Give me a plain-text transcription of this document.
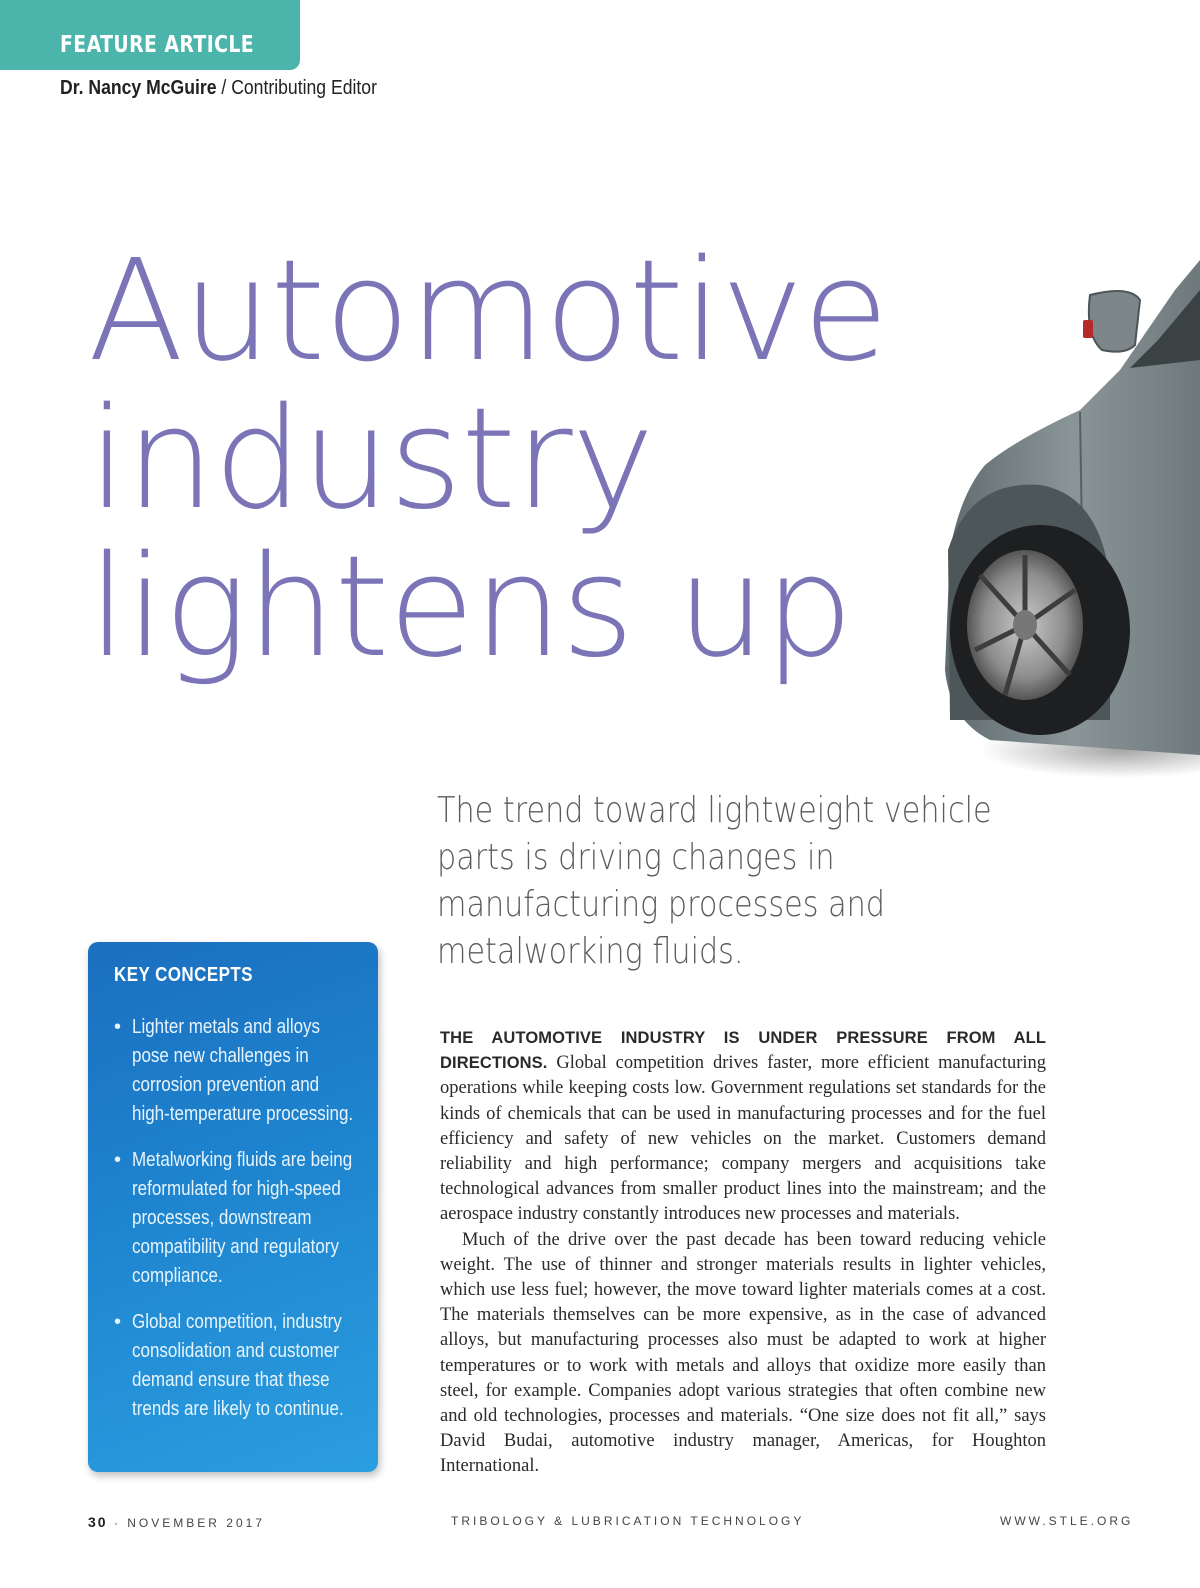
FEATURE ARTICLE
Dr. Nancy McGuire / Contributing Editor
Automotive
industry
lightens up

The trend toward lightweight vehicle parts is driving changes in manufacturing processes and metalworking fluids.

KEY CONCEPTS
• Lighter metals and alloys pose new challenges in corrosion prevention and high-temperature processing.
• Metalworking fluids are being reformulated for high-speed processes, downstream compatibility and regulatory compliance.
• Global competition, industry consolidation and customer demand ensure that these trends are likely to continue.

THE AUTOMOTIVE INDUSTRY IS UNDER PRESSURE FROM ALL DIRECTIONS. Global competition drives faster, more efficient manufacturing operations while keeping costs low. Government regulations set standards for the kinds of chemicals that can be used in manufacturing processes and for the fuel efficiency and safety of new vehicles on the market. Customers demand reliability and high performance; company mergers and acquisitions take technological advances from smaller product lines into the mainstream; and the aerospace industry constantly introduces new processes and materials.

Much of the drive over the past decade has been toward reducing vehicle weight. The use of thinner and stronger materials results in lighter vehicles, which use less fuel; however, the move toward lighter materials comes at a cost. The materials themselves can be more expensive, as in the case of advanced alloys, but manufacturing processes also must be adapted to work at higher temperatures or to work with metals and alloys that oxidize more easily than steel, for example. Companies adopt various strategies that often combine new and old technologies, processes and materials. “One size does not fit all,” says David Budai, automotive industry manager, Americas, for Houghton International.

30 · NOVEMBER 2017	TRIBOLOGY & LUBRICATION TECHNOLOGY	WWW.STLE.ORG
